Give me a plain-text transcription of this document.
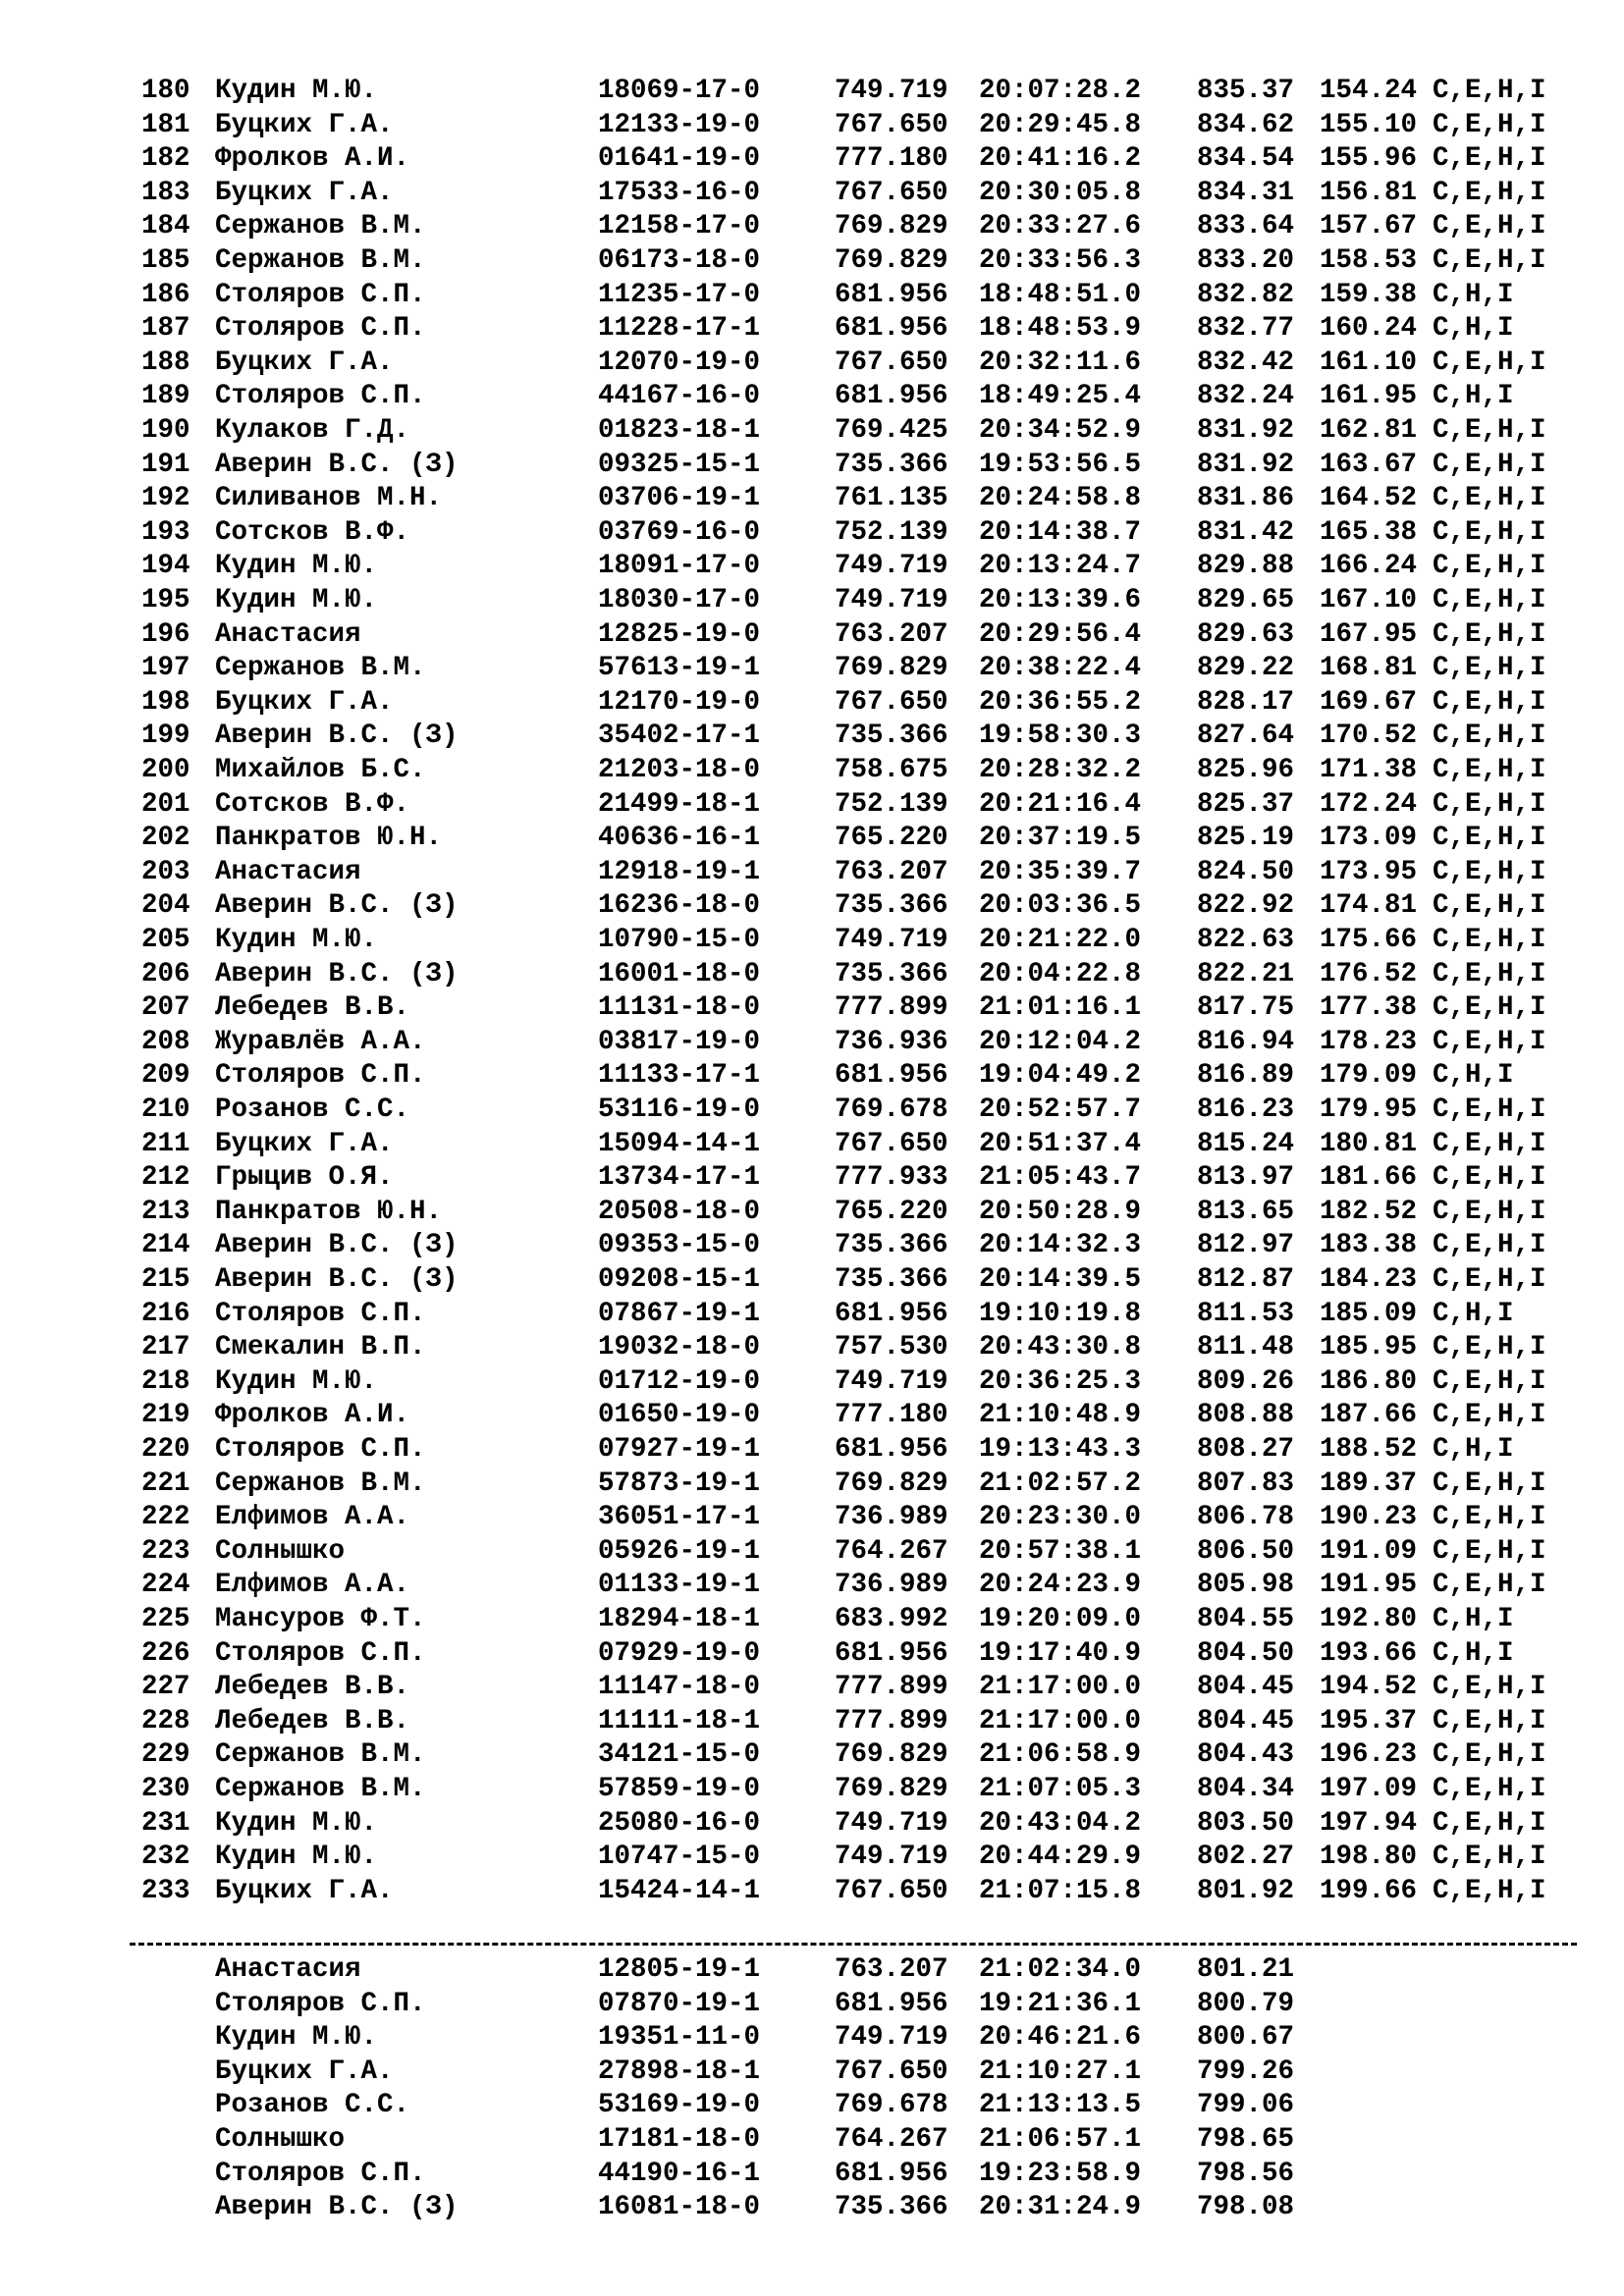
180 Кудин М.Ю.	18069-17-0	749.719 20:07:28.2 835.37 154.24 C,E,H,I
181 Буцких Г.А.	12133-19-0	767.650 20:29:45.8 834.62 155.10 C,E,H,I
182 Фролков А.И.	01641-19-0	777.180 20:41:16.2 834.54 155.96 C,E,H,I
183 Буцких Г.А.	17533-16-0	767.650 20:30:05.8 834.31 156.81 C,E,H,I
184 Сержанов В.М.	12158-17-0	769.829 20:33:27.6 833.64 157.67 C,E,H,I
185 Сержанов В.М.	06173-18-0	769.829 20:33:56.3 833.20 158.53 C,E,H,I
186 Столяров С.П.	11235-17-0	681.956 18:48:51.0 832.82 159.38 C,H,I
187 Столяров С.П.	11228-17-1	681.956 18:48:53.9 832.77 160.24 C,H,I
188 Буцких Г.А.	12070-19-0	767.650 20:32:11.6 832.42 161.10 C,E,H,I
189 Столяров С.П.	44167-16-0	681.956 18:49:25.4 832.24 161.95 C,H,I
190 Кулаков Г.Д.	01823-18-1	769.425 20:34:52.9 831.92 162.81 C,E,H,I
191 Аверин В.С. (З)	09325-15-1	735.366 19:53:56.5 831.92 163.67 C,E,H,I
192 Силиванов М.Н.	03706-19-1	761.135 20:24:58.8 831.86 164.52 C,E,H,I
193 Сотсков В.Ф.	03769-16-0	752.139 20:14:38.7 831.42 165.38 C,E,H,I
194 Кудин М.Ю.	18091-17-0	749.719 20:13:24.7 829.88 166.24 C,E,H,I
195 Кудин М.Ю.	18030-17-0	749.719 20:13:39.6 829.65 167.10 C,E,H,I
196 Анастасия	12825-19-0	763.207 20:29:56.4 829.63 167.95 C,E,H,I
197 Сержанов В.М.	57613-19-1	769.829 20:38:22.4 829.22 168.81 C,E,H,I
198 Буцких Г.А.	12170-19-0	767.650 20:36:55.2 828.17 169.67 C,E,H,I
199 Аверин В.С. (З)	35402-17-1	735.366 19:58:30.3 827.64 170.52 C,E,H,I
200 Михайлов Б.С.	21203-18-0	758.675 20:28:32.2 825.96 171.38 C,E,H,I
201 Сотсков В.Ф.	21499-18-1	752.139 20:21:16.4 825.37 172.24 C,E,H,I
202 Панкратов Ю.Н.	40636-16-1	765.220 20:37:19.5 825.19 173.09 C,E,H,I
203 Анастасия	12918-19-1	763.207 20:35:39.7 824.50 173.95 C,E,H,I
204 Аверин В.С. (З)	16236-18-0	735.366 20:03:36.5 822.92 174.81 C,E,H,I
205 Кудин М.Ю.	10790-15-0	749.719 20:21:22.0 822.63 175.66 C,E,H,I
206 Аверин В.С. (З)	16001-18-0	735.366 20:04:22.8 822.21 176.52 C,E,H,I
207 Лебедев В.В.	11131-18-0	777.899 21:01:16.1 817.75 177.38 C,E,H,I
208 Журавлёв А.А.	03817-19-0	736.936 20:12:04.2 816.94 178.23 C,E,H,I
209 Столяров С.П.	11133-17-1	681.956 19:04:49.2 816.89 179.09 C,H,I
210 Розанов С.С.	53116-19-0	769.678 20:52:57.7 816.23 179.95 C,E,H,I
211 Буцких Г.А.	15094-14-1	767.650 20:51:37.4 815.24 180.81 C,E,H,I
212 Грыцив О.Я.	13734-17-1	777.933 21:05:43.7 813.97 181.66 C,E,H,I
213 Панкратов Ю.Н.	20508-18-0	765.220 20:50:28.9 813.65 182.52 C,E,H,I
214 Аверин В.С. (З)	09353-15-0	735.366 20:14:32.3 812.97 183.38 C,E,H,I
215 Аверин В.С. (З)	09208-15-1	735.366 20:14:39.5 812.87 184.23 C,E,H,I
216 Столяров С.П.	07867-19-1	681.956 19:10:19.8 811.53 185.09 C,H,I
217 Смекалин В.П.	19032-18-0	757.530 20:43:30.8 811.48 185.95 C,E,H,I
218 Кудин М.Ю.	01712-19-0	749.719 20:36:25.3 809.26 186.80 C,E,H,I
219 Фролков А.И.	01650-19-0	777.180 21:10:48.9 808.88 187.66 C,E,H,I
220 Столяров С.П.	07927-19-1	681.956 19:13:43.3 808.27 188.52 C,H,I
221 Сержанов В.М.	57873-19-1	769.829 21:02:57.2 807.83 189.37 C,E,H,I
222 Елфимов А.А.	36051-17-1	736.989 20:23:30.0 806.78 190.23 C,E,H,I
223 Солнышко	05926-19-1	764.267 20:57:38.1 806.50 191.09 C,E,H,I
224 Елфимов А.А.	01133-19-1	736.989 20:24:23.9 805.98 191.95 C,E,H,I
225 Мансуров Ф.Т.	18294-18-1	683.992 19:20:09.0 804.55 192.80 C,H,I
226 Столяров С.П.	07929-19-0	681.956 19:17:40.9 804.50 193.66 C,H,I
227 Лебедев В.В.	11147-18-0	777.899 21:17:00.0 804.45 194.52 C,E,H,I
228 Лебедев В.В.	11111-18-1	777.899 21:17:00.0 804.45 195.37 C,E,H,I
229 Сержанов В.М.	34121-15-0	769.829 21:06:58.9 804.43 196.23 C,E,H,I
230 Сержанов В.М.	57859-19-0	769.829 21:07:05.3 804.34 197.09 C,E,H,I
231 Кудин М.Ю.	25080-16-0	749.719 20:43:04.2 803.50 197.94 C,E,H,I
232 Кудин М.Ю.	10747-15-0	749.719 20:44:29.9 802.27 198.80 C,E,H,I
233 Буцких Г.А.	15424-14-1	767.650 21:07:15.8 801.92 199.66 C,E,H,I
Анастасия	12805-19-1	763.207 21:02:34.0 801.21
Столяров С.П.	07870-19-1	681.956 19:21:36.1 800.79
Кудин М.Ю.	19351-11-0	749.719 20:46:21.6 800.67
Буцких Г.А.	27898-18-1	767.650 21:10:27.1 799.26
Розанов С.С.	53169-19-0	769.678 21:13:13.5 799.06
Солнышко	17181-18-0	764.267 21:06:57.1 798.65
Столяров С.П.	44190-16-1	681.956 19:23:58.9 798.56
Аверин В.С. (З)	16081-18-0	735.366 20:31:24.9 798.08
